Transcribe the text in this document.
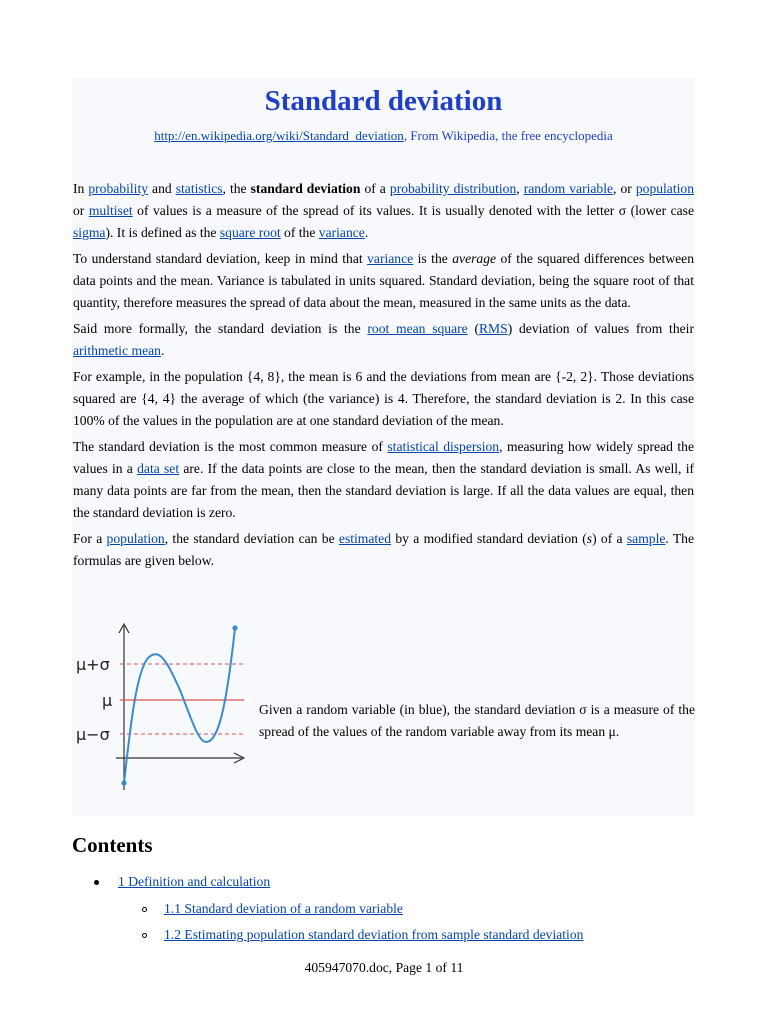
Standard deviation
http://en.wikipedia.org/wiki/Standard_deviation, From Wikipedia, the free encyclopedia

In probability and statistics, the standard deviation of a probability distribution, random variable, or population or multiset of values is a measure of the spread of its values. It is usually denoted with the letter σ (lower case sigma). It is defined as the square root of the variance.

To understand standard deviation, keep in mind that variance is the average of the squared differences between data points and the mean. Variance is tabulated in units squared. Standard deviation, being the square root of that quantity, therefore measures the spread of data about the mean, measured in the same units as the data.

Said more formally, the standard deviation is the root mean square (RMS) deviation of values from their arithmetic mean.

For example, in the population {4, 8}, the mean is 6 and the deviations from mean are {-2, 2}. Those deviations squared are {4, 4} the average of which (the variance) is 4. Therefore, the standard deviation is 2. In this case 100% of the values in the population are at one standard deviation of the mean.

The standard deviation is the most common measure of statistical dispersion, measuring how widely spread the values in a data set are. If the data points are close to the mean, then the standard deviation is small. As well, if many data points are far from the mean, then the standard deviation is large. If all the data values are equal, then the standard deviation is zero.

For a population, the standard deviation can be estimated by a modified standard deviation (s) of a sample. The formulas are given below.

μ+σ
μ
μ−σ
Given a random variable (in blue), the standard deviation σ is a measure of the spread of the values of the random variable away from its mean μ.
Contents
1 Definition and calculation
1.1 Standard deviation of a random variable
1.2 Estimating population standard deviation from sample standard deviation
405947070.doc, Page 1 of 11
